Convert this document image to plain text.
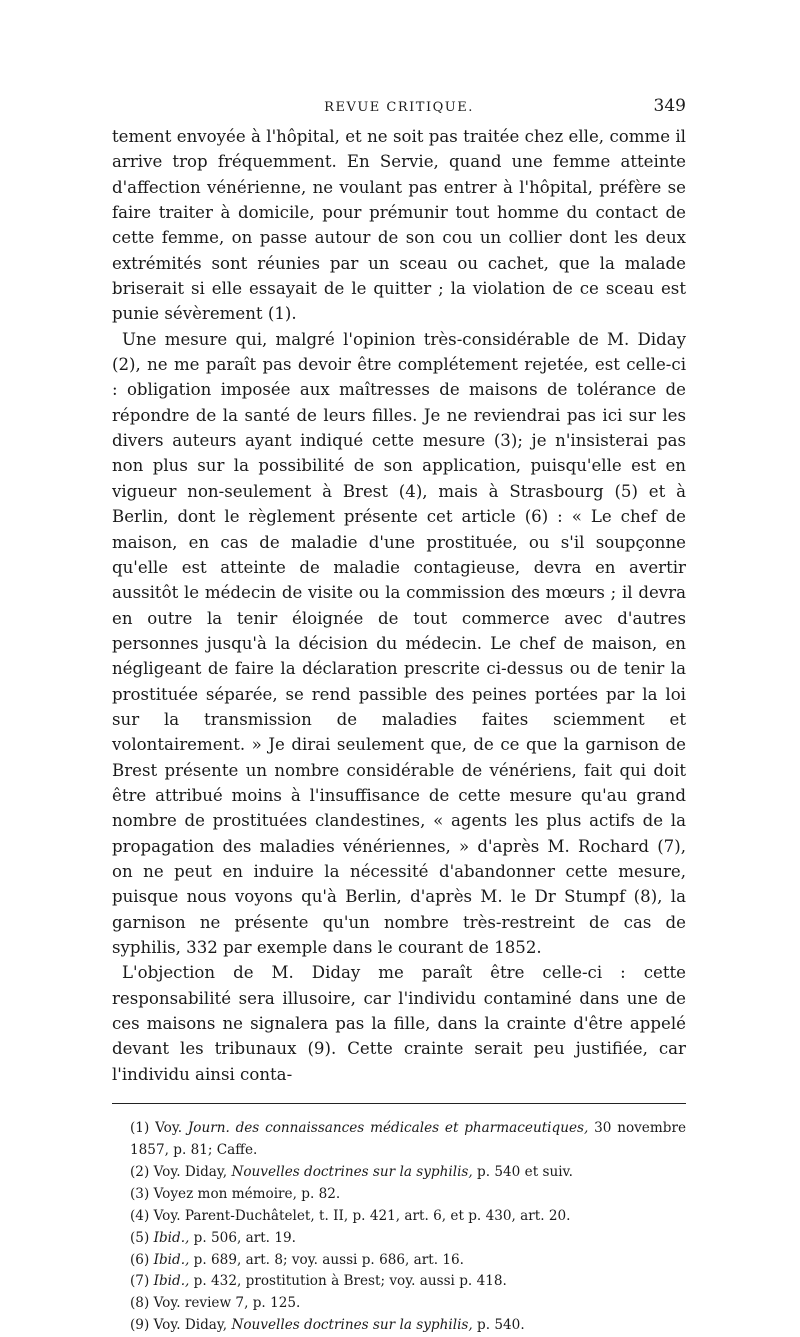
REVUE CRITIQUE.	349

tement envoyée à l'hôpital, et ne soit pas traitée chez elle, comme il arrive trop fréquemment. En Servie, quand une femme atteinte d'affection vénérienne, ne voulant pas entrer à l'hôpital, préfère se faire traiter à domicile, pour prémunir tout homme du contact de cette femme, on passe autour de son cou un collier dont les deux extrémités sont réunies par un sceau ou cachet, que la malade briserait si elle essayait de le quitter ; la violation de ce sceau est punie sévèrement (1).

Une mesure qui, malgré l'opinion très-considérable de M. Diday (2), ne me paraît pas devoir être complétement rejetée, est celle-ci : obligation imposée aux maîtresses de maisons de tolérance de répondre de la santé de leurs filles. Je ne reviendrai pas ici sur les divers auteurs ayant indiqué cette mesure (3); je n'insisterai pas non plus sur la possibilité de son application, puisqu'elle est en vigueur non-seulement à Brest (4), mais à Strasbourg (5) et à Berlin, dont le règlement présente cet article (6) : « Le chef de maison, en cas de maladie d'une prostituée, ou s'il soupçonne qu'elle est atteinte de maladie contagieuse, devra en avertir aussitôt le médecin de visite ou la commission des mœurs ; il devra en outre la tenir éloignée de tout commerce avec d'autres personnes jusqu'à la décision du médecin. Le chef de maison, en négligeant de faire la déclaration prescrite ci-dessus ou de tenir la prostituée séparée, se rend passible des peines portées par la loi sur la transmission de maladies faites sciemment et volontairement. » Je dirai seulement que, de ce que la garnison de Brest présente un nombre considérable de vénériens, fait qui doit être attribué moins à l'insuffisance de cette mesure qu'au grand nombre de prostituées clandestines, « agents les plus actifs de la propagation des maladies vénériennes, » d'après M. Rochard (7), on ne peut en induire la nécessité d'abandonner cette mesure, puisque nous voyons qu'à Berlin, d'après M. le Dr Stumpf (8), la garnison ne présente qu'un nombre très-restreint de cas de syphilis, 332 par exemple dans le courant de 1852.

L'objection de M. Diday me paraît être celle-ci : cette responsabilité sera illusoire, car l'individu contaminé dans une de ces maisons ne signalera pas la fille, dans la crainte d'être appelé devant les tribunaux (9). Cette crainte serait peu justifiée, car l'individu ainsi conta-

(1) Voy. Journ. des connaissances médicales et pharmaceutiques, 30 novembre 1857, p. 81; Caffe.
(2) Voy. Diday, Nouvelles doctrines sur la syphilis, p. 540 et suiv.
(3) Voyez mon mémoire, p. 82.
(4) Voy. Parent-Duchâtelet, t. II, p. 421, art. 6, et p. 430, art. 20.
(5) Ibid., p. 506, art. 19.
(6) Ibid., p. 689, art. 8; voy. aussi p. 686, art. 16.
(7) Ibid., p. 432, prostitution à Brest; voy. aussi p. 418.
(8) Voy. review 7, p. 125.
(9) Voy. Diday, Nouvelles doctrines sur la syphilis, p. 540.
